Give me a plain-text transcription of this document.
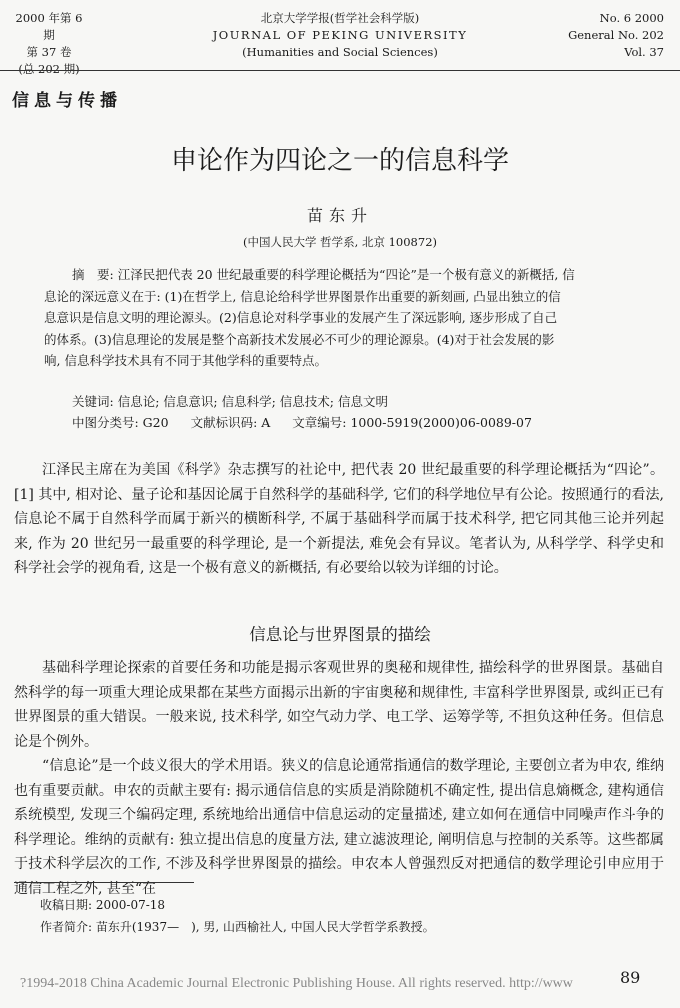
2000 年第 6 期
第 37 卷
(总 202 期)
北京大学学报(哲学社会科学版)
JOURNAL OF PEKING UNIVERSITY
(Humanities and Social Sciences)
No. 6 2000
General No. 202
Vol. 37
信息与传播
申论作为四论之一的信息科学
苗东升
(中国人民大学 哲学系, 北京 100872)

摘　要: 江泽民把代表 20 世纪最重要的科学理论概括为“四论”是一个极有意义的新概括, 信

息论的深远意义在于: (1)在哲学上, 信息论给科学世界图景作出重要的新刻画, 凸显出独立的信

息意识是信息文明的理论源头。(2)信息论对科学事业的发展产生了深远影响, 逐步形成了自己

的体系。(3)信息理论的发展是整个高新技术发展必不可少的理论源泉。(4)对于社会发展的影

响, 信息科学技术具有不同于其他学科的重要特点。

关键词: 信息论; 信息意识; 信息科学; 信息技术; 信息文明
中图分类号: G20 文献标识码: A 文章编号: 1000-5919(2000)06-0089-07

江泽民主席在为美国《科学》杂志撰写的社论中, 把代表 20 世纪最重要的科学理论概括为“四论”。[1] 其中, 相对论、量子论和基因论属于自然科学的基础科学, 它们的科学地位早有公论。按照通行的看法, 信息论不属于自然科学而属于新兴的横断科学, 不属于基础科学而属于技术科学, 把它同其他三论并列起来, 作为 20 世纪另一最重要的科学理论, 是一个新提法, 难免会有异议。笔者认为, 从科学学、科学史和科学社会学的视角看, 这是一个极有意义的新概括, 有必要给以较为详细的讨论。

信息论与世界图景的描绘

基础科学理论探索的首要任务和功能是揭示客观世界的奥秘和规律性, 描绘科学的世界图景。基础自然科学的每一项重大理论成果都在某些方面揭示出新的宇宙奥秘和规律性, 丰富科学世界图景, 或纠正已有世界图景的重大错误。一般来说, 技术科学, 如空气动力学、电工学、运筹学等, 不担负这种任务。但信息论是个例外。

“信息论”是一个歧义很大的学术用语。狭义的信息论通常指通信的数学理论, 主要创立者为申农, 维纳也有重要贡献。申农的贡献主要有: 揭示通信信息的实质是消除随机不确定性, 提出信息熵概念, 建构通信系统模型, 发现三个编码定理, 系统地给出通信中信息运动的定量描述, 建立如何在通信中同噪声作斗争的科学理论。维纳的贡献有: 独立提出信息的度量方法, 建立滤波理论, 阐明信息与控制的关系等。这些都属于技术科学层次的工作, 不涉及科学世界图景的描绘。申农本人曾强烈反对把通信的数学理论引申应用于通信工程之外, 甚至“在

收稿日期: 2000-07-18
作者简介: 苗东升(1937—　), 男, 山西榆社人, 中国人民大学哲学系教授。
?1994-2018 China Academic Journal Electronic Publishing House. All rights reserved. http://www	89
